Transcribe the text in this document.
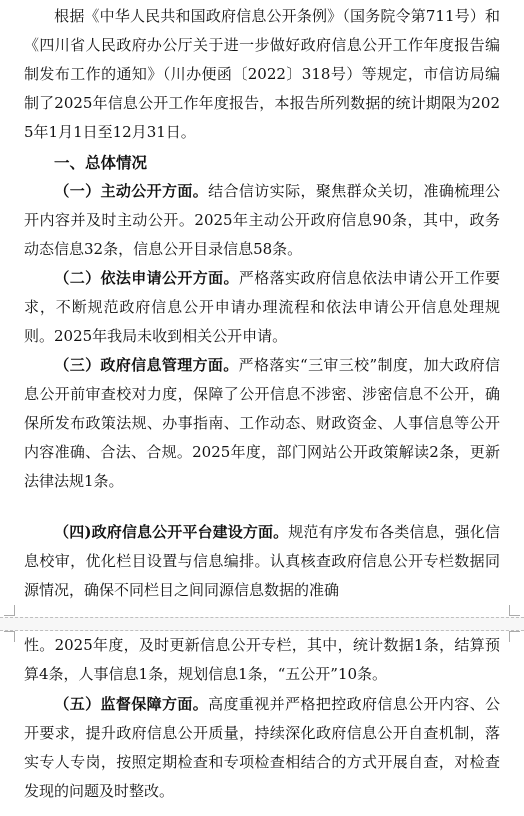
根据《中华人民共和国政府信息公开条例》（国务院令第711号）和《四川省人民政府办公厅关于进一步做好政府信息公开工作年度报告编制发布工作的通知》（川办便函〔2022〕318号）等规定，市信访局编制了2025年信息公开工作年度报告，本报告所列数据的统计期限为2025年1月1日至12月31日。

一、总体情况

（一）主动公开方面。结合信访实际，聚焦群众关切，准确梳理公开内容并及时主动公开。2025年主动公开政府信息90条，其中，政务动态信息32条，信息公开目录信息58条。

（二）依法申请公开方面。严格落实政府信息依法申请公开工作要求，不断规范政府信息公开申请办理流程和依法申请公开信息处理规则。2025年我局未收到相关公开申请。

（三）政府信息管理方面。严格落实“三审三校”制度，加大政府信息公开前审查校对力度，保障了公开信息不涉密、涉密信息不公开，确保所发布政策法规、办事指南、工作动态、财政资金、人事信息等公开内容准确、合法、合规。2025年度，部门网站公开政策解读2条，更新法律法规1条。

（四)政府信息公开平台建设方面。规范有序发布各类信息，强化信息校审，优化栏目设置与信息编排。认真核查政府信息公开专栏数据同源情况，确保不同栏目之间同源信息数据的准确

性。2025年度，及时更新信息公开专栏，其中，统计数据1条，结算预算4条，人事信息1条，规划信息1条，“五公开”10条。

（五）监督保障方面。高度重视并严格把控政府信息公开内容、公开要求，提升政府信息公开质量，持续深化政府信息公开自查机制，落实专人专岗，按照定期检查和专项检查相结合的方式开展自查，对检查发现的问题及时整改。
